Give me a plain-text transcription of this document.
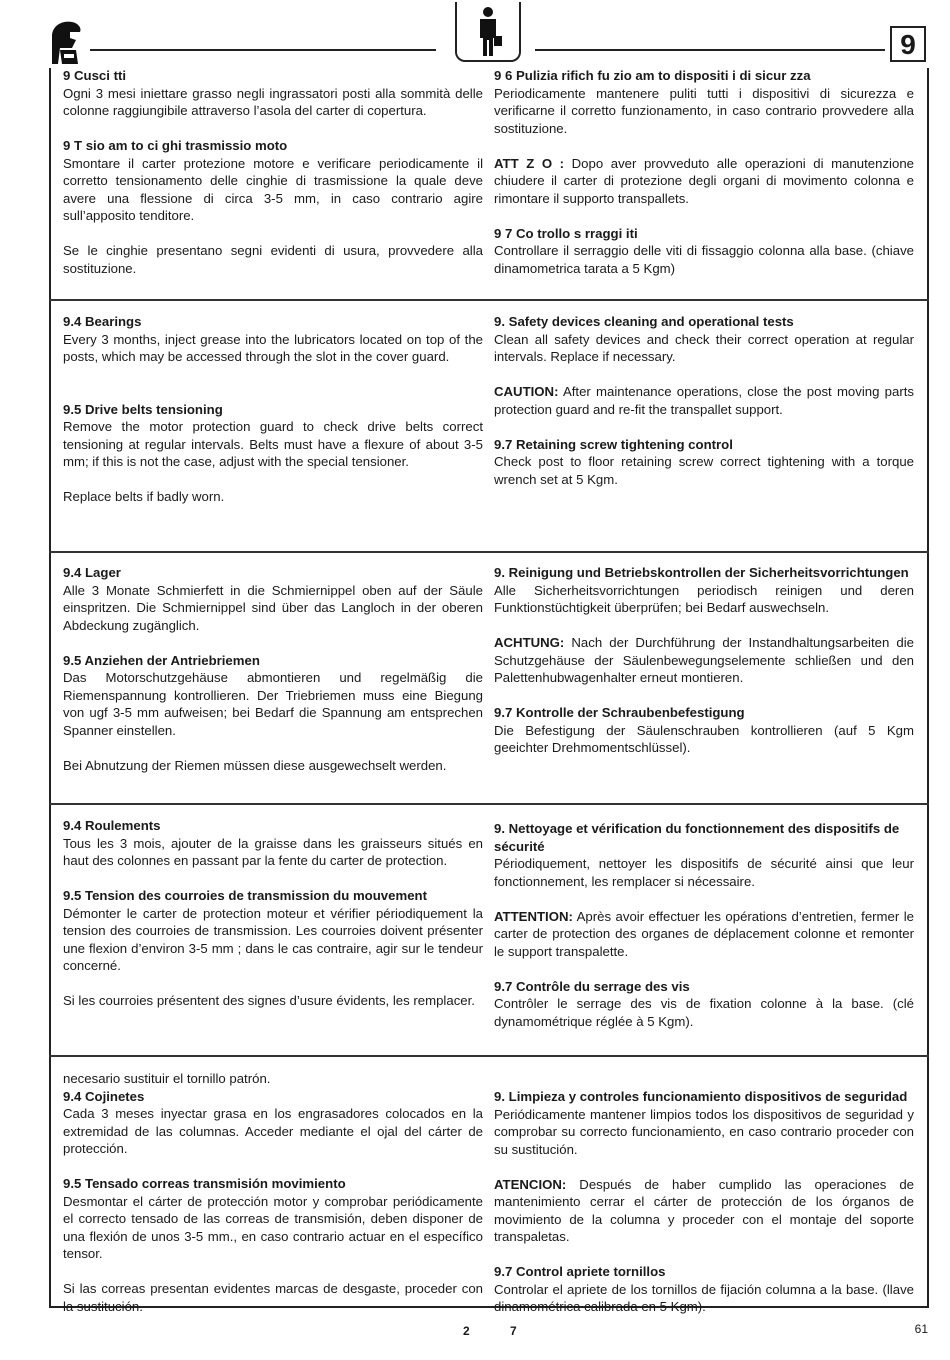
9
9 Cusci tti

Ogni 3 mesi iniettare grasso negli ingrassatori posti alla sommità delle colonne raggiungibile attraverso l’asola del carter di copertura.

9 T sio am to ci ghi trasmissio moto

Smontare il carter protezione motore e verificare periodicamente il corretto tensionamento delle cinghie di trasmissione la quale deve avere una flessione di circa 3-5 mm, in caso contrario agire sull’apposito tenditore.

Se le cinghie presentano segni evidenti di usura, provvedere alla sostituzione.

9 6 Pulizia rifich fu zio am to dispositi i di sicur zza

Periodicamente mantenere puliti tutti i dispositivi di sicurezza e verificarne il corretto funzionamento, in caso contrario provvedere alla sostituzione.

ATT Z O : Dopo aver provveduto alle operazioni di manutenzione chiudere il carter di protezione degli organi di movimento colonna e rimontare il supporto transpallets.

9 7 Co trollo s rraggi iti

Controllare il serraggio delle viti di fissaggio colonna alla base. (chiave dinamometrica tarata a 5 Kgm)

9.4 Bearings

Every 3 months, inject grease into the lubricators located on top of the posts, which may be accessed through the slot in the cover guard.

9.5 Drive belts tensioning

Remove the motor protection guard to check drive belts correct tensioning at regular intervals. Belts must have a flexure of about 3-5 mm; if this is not the case, adjust with the special tensioner.

Replace belts if badly worn.

9. Safety devices cleaning and operational tests

Clean all safety devices and check their correct operation at regular intervals. Replace if necessary.

CAUTION: After maintenance operations, close the post moving parts protection guard and re-fit the transpallet support.

9.7 Retaining screw tightening control

Check post to floor retaining screw correct tightening with a torque wrench set at 5 Kgm.

9.4 Lager

Alle 3 Monate Schmierfett in die Schmiernippel oben auf der Säule einspritzen. Die Schmiernippel sind über das Langloch in der oberen Abdeckung zugänglich.

9.5 Anziehen der Antriebriemen

Das Motorschutzgehäuse abmontieren und regelmäßig die Riemenspannung kontrollieren. Der Triebriemen muss eine Biegung von ugf 3-5 mm aufweisen; bei Bedarf die Spannung am entsprechen Spanner einstellen.

Bei Abnutzung der Riemen müssen diese ausgewechselt werden.

9. Reinigung und Betriebskontrollen der Sicherheitsvorrichtungen

Alle Sicherheitsvorrichtungen periodisch reinigen und deren Funktionstüchtigkeit überprüfen; bei Bedarf auswechseln.

ACHTUNG: Nach der Durchführung der Instandhaltungsarbeiten die Schutzgehäuse der Säulenbewegungselemente schließen und den Palettenhubwagenhalter erneut montieren.

9.7 Kontrolle der Schraubenbefestigung

Die Befestigung der Säulenschrauben kontrollieren (auf 5 Kgm geeichter Drehmomentschlüssel).

9.4 Roulements

Tous les 3 mois, ajouter de la graisse dans les graisseurs situés en haut des colonnes en passant par la fente du carter de protection.

9.5 Tension des courroies de transmission du mouvement

Démonter le carter de protection moteur et vérifier périodiquement la tension des courroies de transmission. Les courroies doivent présenter une flexion d’environ 3-5 mm ; dans le cas contraire, agir sur le tendeur concerné.

Si les courroies présentent des signes d’usure évidents, les remplacer.

9. Nettoyage et vérification du fonctionnement des dispositifs de sécurité

Périodiquement, nettoyer les dispositifs de sécurité ainsi que leur fonctionnement, les remplacer si nécessaire.

ATTENTION: Après avoir effectuer les opérations d’entretien, fermer le carter de protection des organes de déplacement colonne et remonter le support transpalette.

9.7 Contrôle du serrage des vis

Contrôler le serrage des vis de fixation colonne à la base. (clé dynamométrique réglée à 5 Kgm).

necesario sustituir el tornillo patrón.

9.4 Cojinetes

Cada 3 meses inyectar grasa en los engrasadores colocados en la extremidad de las columnas. Acceder mediante el ojal del cárter de protección.

9.5 Tensado correas transmisión movimiento

Desmontar el cárter de protección motor y comprobar periódicamente el correcto tensado de las correas de transmisión, deben disponer de una flexión de unos 3-5 mm., en caso contrario actuar en el específico tensor.

Si las correas presentan evidentes marcas de desgaste, proceder con la sustitución.

9. Limpieza y controles funcionamiento dispositivos de seguridad

Periódicamente mantener limpios todos los dispositivos de seguridad y comprobar su correcto funcionamiento, en caso contrario proceder con su sustitución.

ATENCION: Después de haber cumplido las operaciones de mantenimiento cerrar el cárter de protección de los órganos de movimiento de la columna y proceder con el montaje del soporte transpaletas.

9.7 Control apriete tornillos

Controlar el apriete de los tornillos de fijación columna a la base. (llave dinamométrica calibrada en 5 Kgm).

2	7	61
